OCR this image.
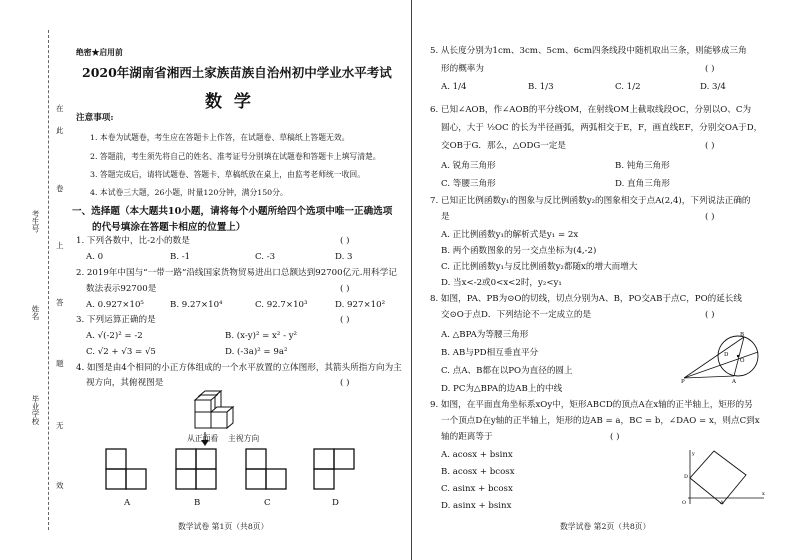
考生号
姓名
毕业学校
在
此
卷
上
答
题
无
效
绝密★启用前
2020年湖南省湘西土家族苗族自治州初中学业水平考试
数  学
注意事项:
1. 本卷为试题卷，考生应在答题卡上作答，在试题卷、草稿纸上答题无效。
2. 答题前，考生须先将自己的姓名、准考证号分别填在试题卷和答题卡上填写清楚。
3. 答题完成后，请将试题卷、答题卡、草稿纸放在桌上，由监考老师统一收回。
4. 本试卷三大题，26小题，时量120分钟，满分150分。
一、选择题（本大题共10小题，请将每个小题所给四个选项中唯一正确选项
的代号填涂在答题卡相应的位置上）
1. 下列各数中，比-2小的数是	( )
A. 0	B. -1	C. -3	D. 3
2. 2019年中国与“一带一路”沿线国家货物贸易进出口总额达到92700亿元.用科学记
数法表示92700是	( )
A. 0.927×10⁵	B. 9.27×10⁴	C. 92.7×10³	D. 927×10²
3. 下列运算正确的是	( )
A. √(-2)² = -2	B. (x-y)² = x² - y²
C. √2 + √3 = √5	D. (-3a)² = 9a²
4. 如图是由4个相同的小正方体组成的一个水平放置的立体图形，其箭头所指方向为主
视方向，其俯视图是	( )
从正面看 主视方向
A	B	C	D
数学试卷 第1页（共8页）
5. 从长度分别为1cm、3cm、5cm、6cm四条线段中随机取出三条，则能够成三角
形的概率为	( )
A. 1/4	B. 1/3	C. 1/2	D. 3/4
6. 已知∠AOB，作∠AOB的平分线OM，在射线OM上截取线段OC，分别以O、C为
圆心，大于 ½OC 的长为半径画弧，两弧相交于E，F，画直线EF，分别交OA于D，
交OB于G．那么，△ODG一定是	( )
A. 锐角三角形	B. 钝角三角形
C. 等腰三角形	D. 直角三角形
7. 已知正比例函数y₁的图象与反比例函数y₂的图象相交于点A(2,4)，下列说法正确的
是	( )
A. 正比例函数y₁的解析式是y₁ = 2x
B. 两个函数图象的另一交点坐标为(4,-2)
C. 正比例函数y₁与反比例函数y₂都随x的增大而增大
D. 当x<-2或0<x<2时，y₂<y₁
8. 如图，PA、PB为⊙O的切线，切点分别为A、B，PO交AB于点C，PO的延长线
交⊙O于点D．下列结论不一定成立的是	( )
A. △BPA为等腰三角形
B. AB与PD相互垂直平分
C. 点A、B都在以PO为直径的圆上
D. PC为△BPA的边AB上的中线
P
D
B
O
A
9. 如图，在平面直角坐标系xOy中，矩形ABCD的顶点A在x轴的正半轴上，矩形的另
一个顶点D在y轴的正半轴上，矩形的边AB = a，BC = b，∠DAO = x，则点C到x
轴的距离等于	( )
A. acosx + bsinx
B. acosx + bcosx
C. asinx + bcosx
D. asinx + bsinx	O	A
x
D
y
数学试卷 第2页（共8页）
